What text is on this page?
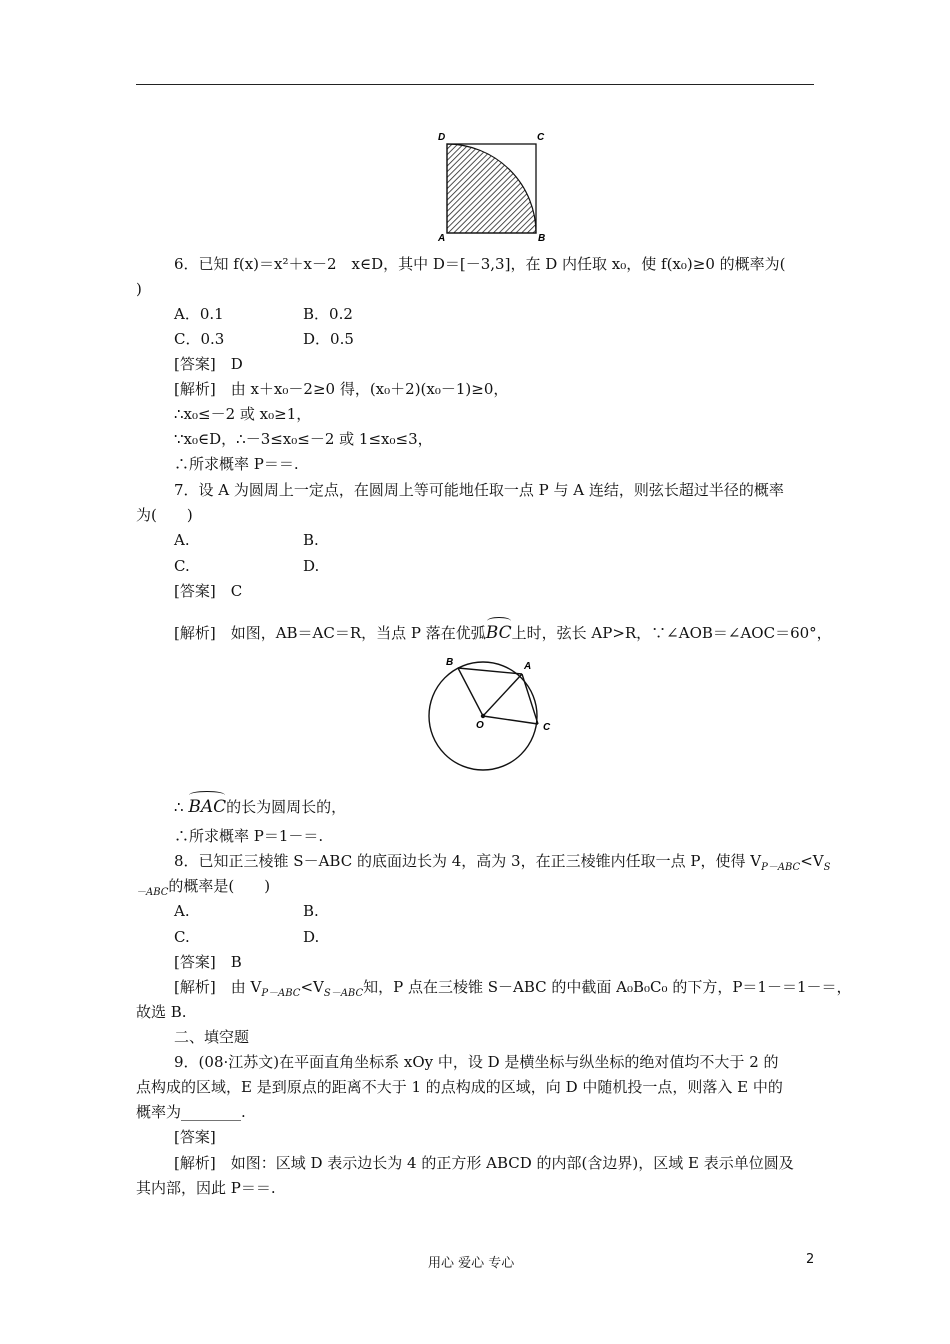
D	C
A	B
6．已知 f(x)＝x²＋x－2　x∈D，其中 D＝[－3,3]，在 D 内任取 x₀，使 f(x₀)≥0 的概率为(
)
A．0.1	B．0.2
C．0.3	D．0.5
[答案]　D
[解析]　由 x＋x₀－2≥0 得，(x₀＋2)(x₀－1)≥0，
∴x₀≤－2 或 x₀≥1，
∵x₀∈D，∴－3≤x₀≤－2 或 1≤x₀≤3，
∴所求概率 P＝＝.
7．设 A 为圆周上一定点，在圆周上等可能地任取一点 P 与 A 连结，则弦长超过半径的概率
为(　　)
A.	B.
C.	D.
[答案]　C
[解析]　如图，AB＝AC＝R，当点 P 落在优弧BC上时，弦长 AP>R，∵∠AOB＝∠AOC＝60°，
B	A
O	C
∴ BAC的长为圆周长的，
∴所求概率 P＝1－＝.
8．已知正三棱锥 S－ABC 的底面边长为 4，高为 3，在正三棱锥内任取一点 P，使得 $V_{P-ABC}<V_S$
$_{-ABC}$的概率是(　　)
A.	B.
C.	D.
[答案]　B
[解析]　由 $V_{P-ABC}<V_{S-ABC}$知，P 点在三棱锥 S－ABC 的中截面 A₀B₀C₀ 的下方，P＝1－＝1－＝，
故选 B.
二、填空题
9．(08·江苏文)在平面直角坐标系 xOy 中，设 D 是横坐标与纵坐标的绝对值均不大于 2 的
点构成的区域，E 是到原点的距离不大于 1 的点构成的区域，向 D 中随机投一点，则落入 E 中的
概率为________.
[答案]
[解析]　如图：区域 D 表示边长为 4 的正方形 ABCD 的内部(含边界)，区域 E 表示单位圆及
其内部，因此 P＝＝.
用心 爱心 专心	2
